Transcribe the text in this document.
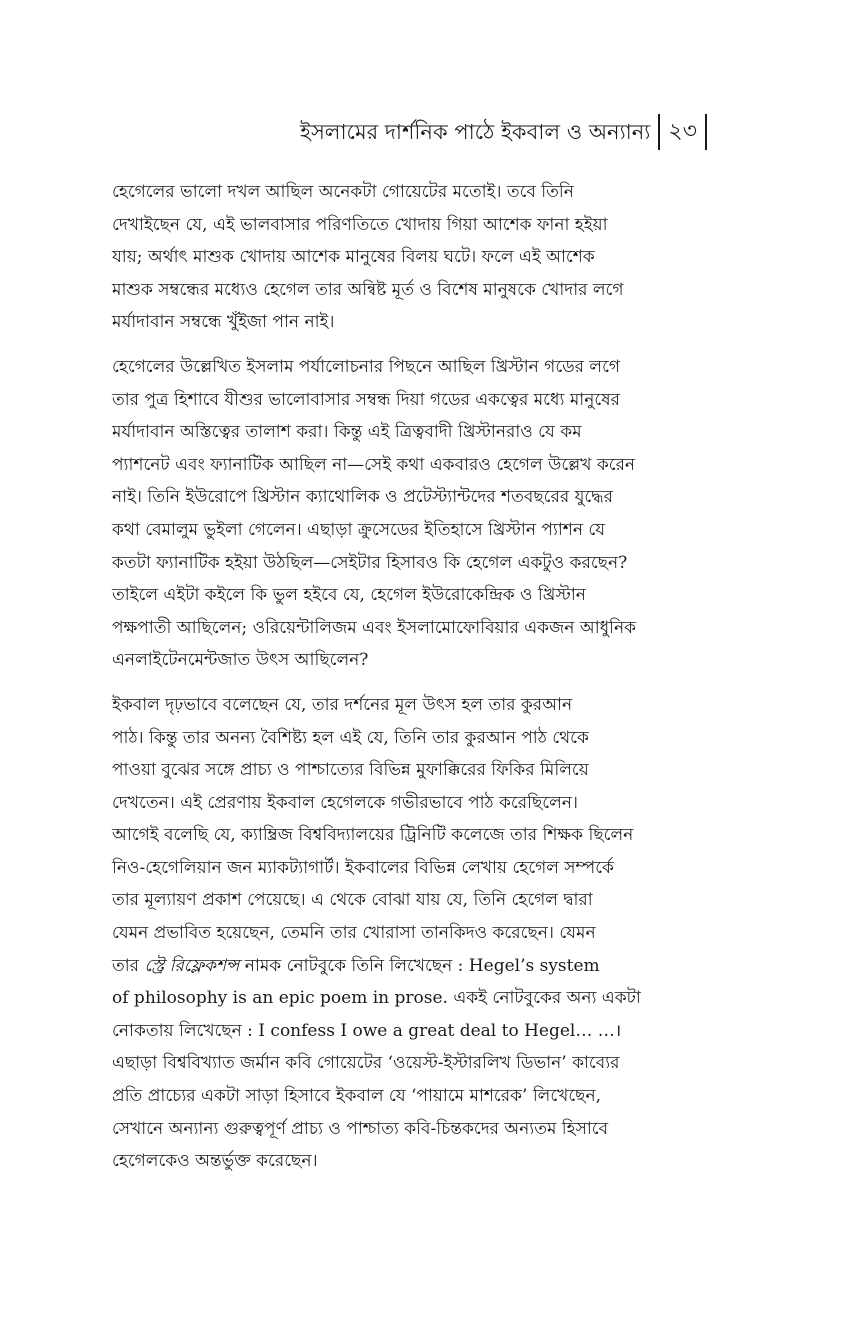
ইসলামের দার্শনিক পাঠে ইকবাল ও অন্যান্য ২৩

হেগেলের ভালো দখল আছিল অনেকটা গোয়েটের মতোই। তবে তিনি
দেখাইছেন যে, এই ভালবাসার পরিণতিতে খোদায় গিয়া আশেক ফানা হইয়া
যায়; অর্থাৎ মাশুক খোদায় আশেক মানুষের বিলয় ঘটে। ফলে এই আশেক
মাশুক সম্বন্ধের মধ্যেও হেগেল তার অন্বিষ্ট মূর্ত ও বিশেষ মানুষকে খোদার লগে
মর্যাদাবান সম্বন্ধে খুঁইজা পান নাই।

হেগেলের উল্লেখিত ইসলাম পর্যালোচনার পিছনে আছিল খ্রিস্টান গডের লগে
তার পুত্র হিশাবে যীশুর ভালোবাসার সম্বন্ধ দিয়া গডের একত্বের মধ্যে মানুষের
মর্যাদাবান অস্তিত্বের তালাশ করা। কিন্তু এই ত্রিত্ববাদী খ্রিস্টানরাও যে কম
প্যাশনেট এবং ফ্যানাটিক আছিল না—সেই কথা একবারও হেগেল উল্লেখ করেন
নাই। তিনি ইউরোপে খ্রিস্টান ক্যাথোলিক ও প্রটেস্ট্যান্টদের শতবছরের যুদ্ধের
কথা বেমালুম ভুইলা গেলেন। এছাড়া ক্রুসেডের ইতিহাসে খ্রিস্টান প্যাশন যে
কতটা ফ্যানাটিক হইয়া উঠছিল—সেইটার হিসাবও কি হেগেল একটুও করছেন?
তাইলে এইটা কইলে কি ভুল হইবে যে, হেগেল ইউরোকেন্দ্রিক ও খ্রিস্টান
পক্ষপাতী আছিলেন; ওরিয়েন্টালিজম এবং ইসলামোফোবিয়ার একজন আধুনিক
এনলাইটেনমেন্টজাত উৎস আছিলেন?

ইকবাল দৃঢ়ভাবে বলেছেন যে, তার দর্শনের মূল উৎস হল তার কুরআন
পাঠ। কিন্তু তার অনন্য বৈশিষ্ট্য হল এই যে, তিনি তার কুরআন পাঠ থেকে
পাওয়া বুঝের সঙ্গে প্রাচ্য ও পাশ্চাত্যের বিভিন্ন মুফাক্কিরের ফিকির মিলিয়ে
দেখতেন। এই প্রেরণায় ইকবাল হেগেলকে গভীরভাবে পাঠ করেছিলেন।
আগেই বলেছি যে, ক্যাম্ব্রিজ বিশ্ববিদ্যালয়ের ট্রিনিটি কলেজে তার শিক্ষক ছিলেন
নিও-হেগেলিয়ান জন ম্যাকট্যাগার্ট। ইকবালের বিভিন্ন লেখায় হেগেল সম্পর্কে
তার মূল্যায়ণ প্রকাশ পেয়েছে। এ থেকে বোঝা যায় যে, তিনি হেগেল দ্বারা
যেমন প্রভাবিত হয়েছেন, তেমনি তার খোরাসা তানকিদও করেছেন। যেমন
তার স্ট্রে রিফ্লেকশন্স নামক নোটবুকে তিনি লিখেছেন : Hegel’s system
of philosophy is an epic poem in prose. একই নোটবুকের অন্য একটা
নোকতায় লিখেছেন : I confess I owe a great deal to Hegel… …।
এছাড়া বিশ্ববিখ্যাত জর্মান কবি গোয়েটের ‘ওয়েস্ট-ইস্টারলিখ ডিভান’ কাব্যের
প্রতি প্রাচ্যের একটা সাড়া হিসাবে ইকবাল যে ‘পায়ামে মাশরেক’ লিখেছেন,
সেখানে অন্যান্য গুরুত্বপূর্ণ প্রাচ্য ও পাশ্চাত্য কবি-চিন্তকদের অন্যতম হিসাবে
হেগেলকেও অন্তর্ভুক্ত করেছেন।
